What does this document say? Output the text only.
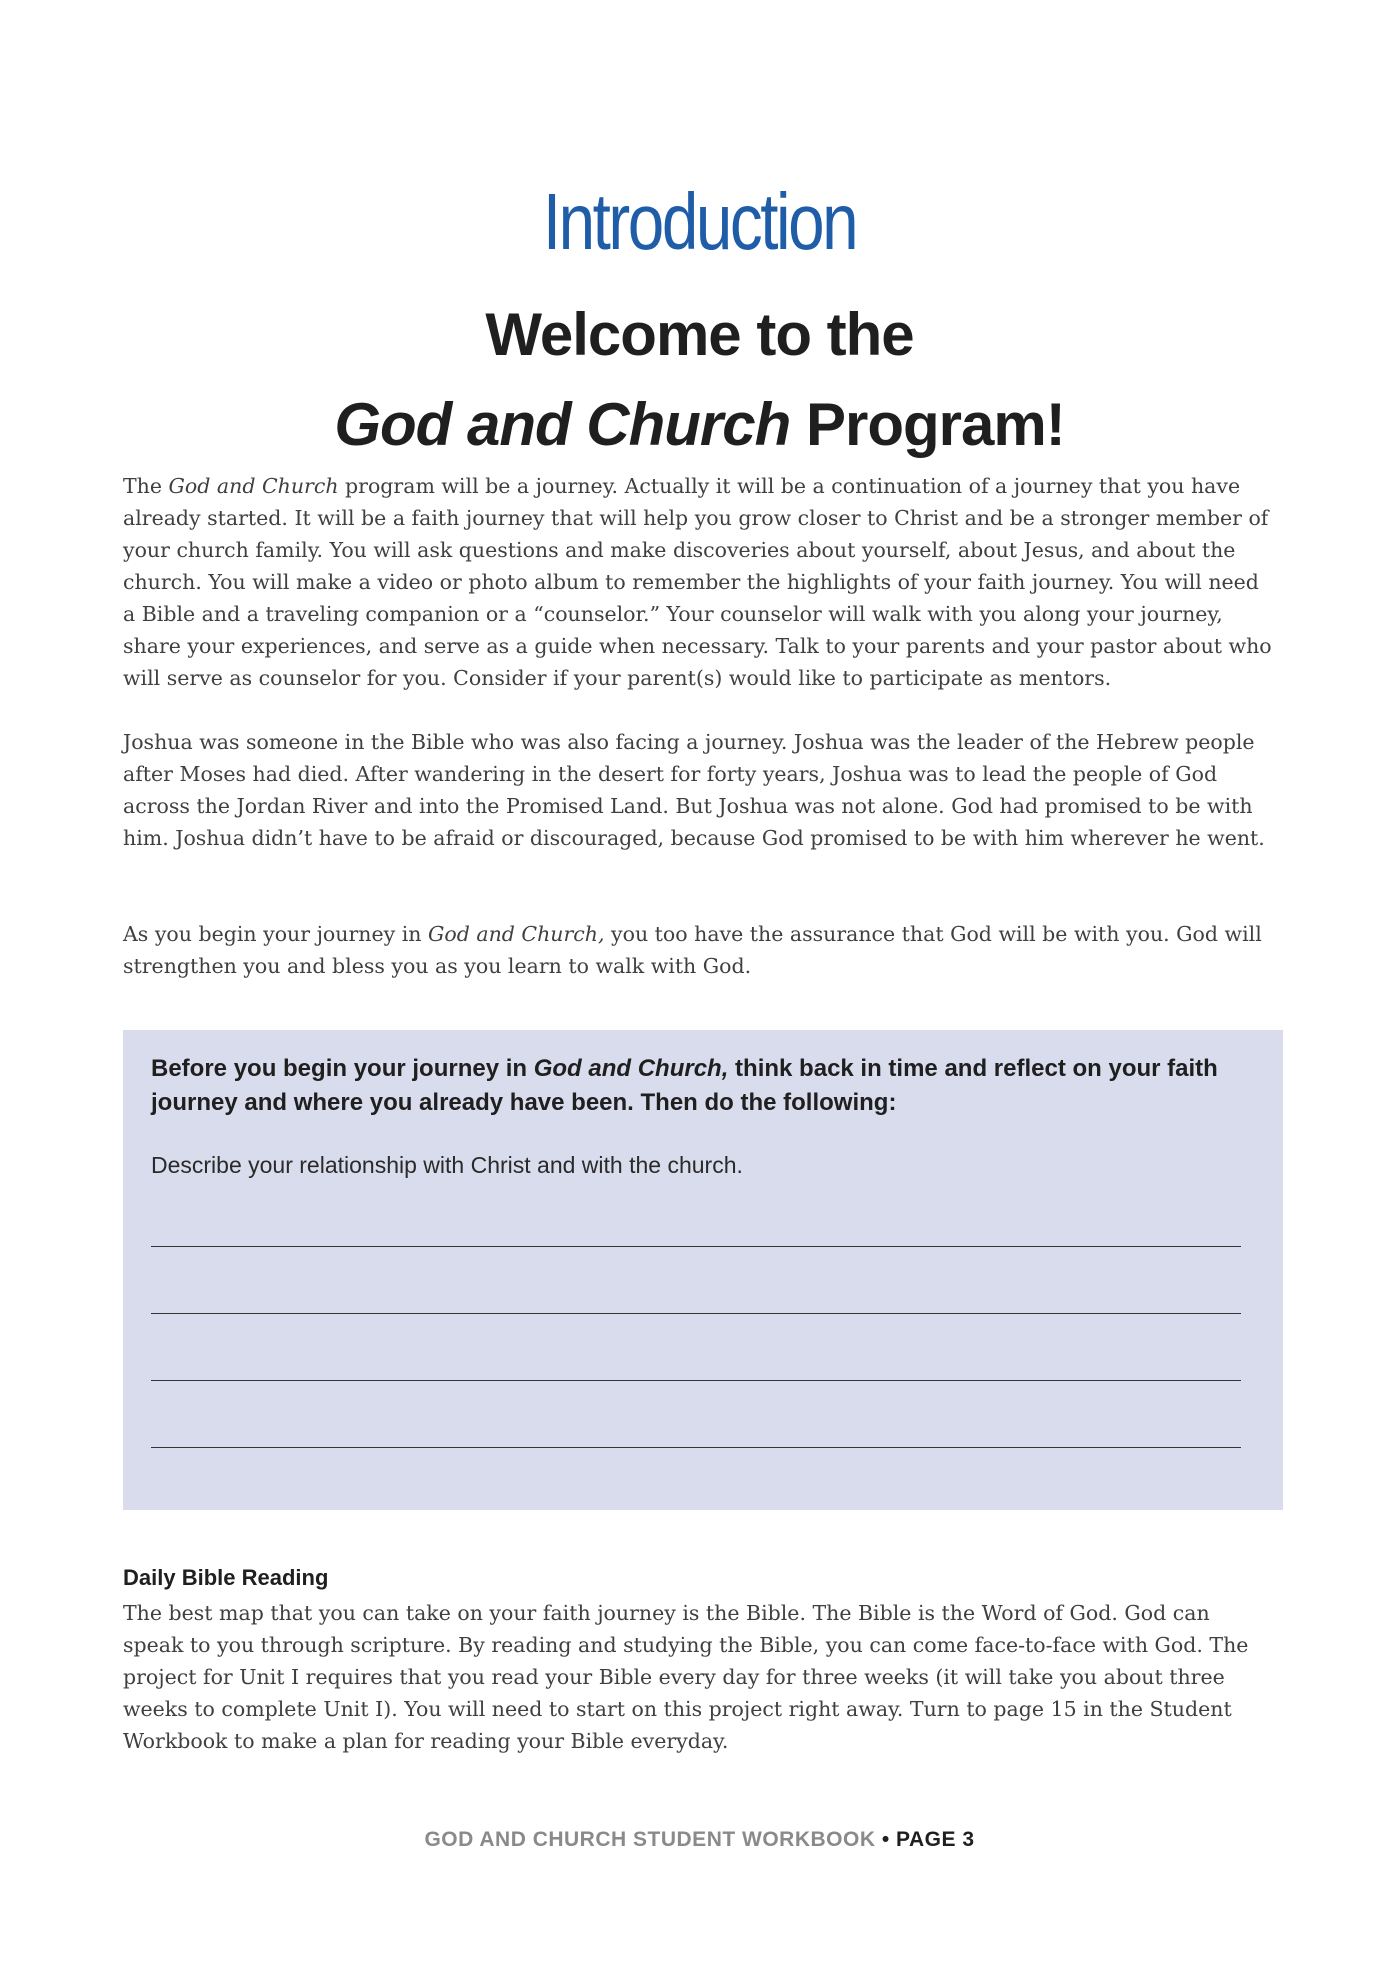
Introduction
Welcome to the
God and Church Program!

The God and Church program will be a journey. Actually it will be a continuation of a journey that you have already started. It will be a faith journey that will help you grow closer to Christ and be a stronger member of your church family. You will ask questions and make discoveries about yourself, about Jesus, and about the church. You will make a video or photo album to remember the highlights of your faith journey. You will need a Bible and a traveling companion or a “counselor.” Your counselor will walk with you along your journey, share your experiences, and serve as a guide when necessary. Talk to your parents and your pastor about who will serve as counselor for you. Consider if your parent(s) would like to participate as mentors.

Joshua was someone in the Bible who was also facing a journey. Joshua was the leader of the Hebrew people after Moses had died. After wandering in the desert for forty years, Joshua was to lead the people of God across the Jordan River and into the Promised Land. But Joshua was not alone. God had promised to be with him. Joshua didn’t have to be afraid or discouraged, because God promised to be with him wherever he went.

As you begin your journey in God and Church, you too have the assurance that God will be with you. God will strengthen you and bless you as you learn to walk with God.

Before you begin your journey in God and Church, think back in time and reflect on your faith journey and where you already have been. Then do the following:
Describe your relationship with Christ and with the church.
Daily Bible Reading

The best map that you can take on your faith journey is the Bible. The Bible is the Word of God. God can speak to you through scripture. By reading and studying the Bible, you can come face-to-face with God. The project for Unit I requires that you read your Bible every day for three weeks (it will take you about three weeks to complete Unit I). You will need to start on this project right away. Turn to page 15 in the Student Workbook to make a plan for reading your Bible everyday.

GOD AND CHURCH STUDENT WORKBOOK • PAGE 3
